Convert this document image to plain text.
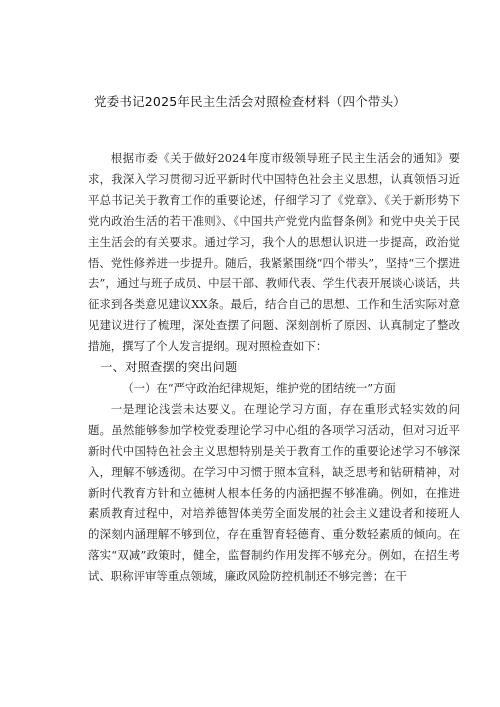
党委书记2025年民主生活会对照检查材料（四个带头）

根据市委《关于做好2024年度市级领导班子民主生活会的通知》要求，我深入学习贯彻习近平新时代中国特色社会主义思想，认真领悟习近平总书记关于教育工作的重要论述，仔细学习了《党章》、《关于新形势下党内政治生活的若干准则》、《中国共产党党内监督条例》和党中央关于民主生活会的有关要求。通过学习，我个人的思想认识进一步提高，政治觉悟、党性修养进一步提升。随后，我紧紧围绕“四个带头”，坚持“三个摆进去”，通过与班子成员、中层干部、教师代表、学生代表开展谈心谈话，共征求到各类意见建议XX条。最后，结合自己的思想、工作和生活实际对意见建议进行了梳理，深处查摆了问题、深刻剖析了原因、认真制定了整改措施，撰写了个人发言提纲。现对照检查如下：

一、对照查摆的突出问题

（一）在“严守政治纪律规矩，维护党的团结统一”方面

一是理论浅尝未达要义。在理论学习方面，存在重形式轻实效的问题。虽然能够参加学校党委理论学习中心组的各项学习活动，但对习近平新时代中国特色社会主义思想特别是关于教育工作的重要论述学习不够深入，理解不够透彻。在学习中习惯于照本宣科，缺乏思考和钻研精神，对新时代教育方针和立德树人根本任务的内涵把握不够准确。例如，在推进素质教育过程中，对培养德智体美劳全面发展的社会主义建设者和接班人的深刻内涵理解不够到位，存在重智育轻德育、重分数轻素质的倾向。在落实“双减”政策时，健全，监督制约作用发挥不够充分。例如，在招生考试、职称评审等重点领域，廉政风险防控机制还不够完善；在干
